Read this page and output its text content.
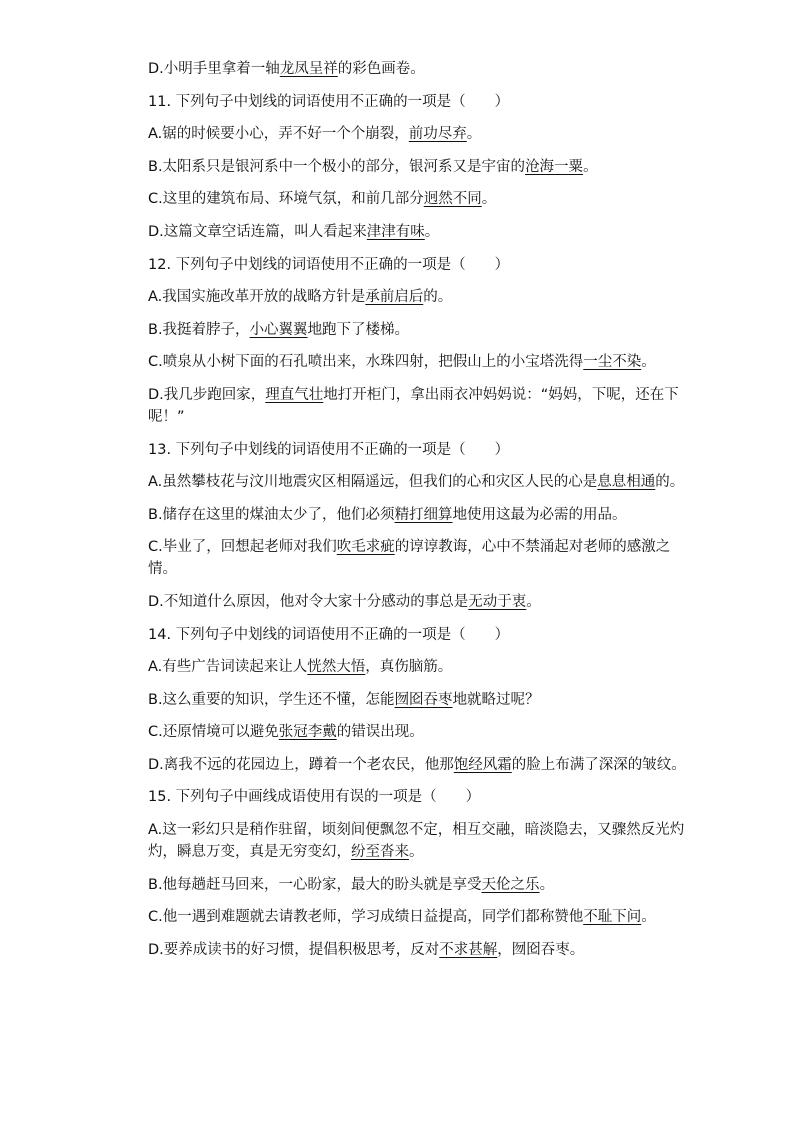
D.小明手里拿着一轴龙凤呈祥的彩色画卷。
11. 下列句子中划线的词语使用不正确的一项是（　　）
A.锯的时候要小心，弄不好一个个崩裂，前功尽弃。
B.太阳系只是银河系中一个极小的部分，银河系又是宇宙的沧海一粟。
C.这里的建筑布局、环境气氛，和前几部分迥然不同。
D.这篇文章空话连篇，叫人看起来津津有味。
12. 下列句子中划线的词语使用不正确的一项是（　　）
A.我国实施改革开放的战略方针是承前启后的。
B.我挺着脖子，小心翼翼地跑下了楼梯。
C.喷泉从小树下面的石孔喷出来，水珠四射，把假山上的小宝塔洗得一尘不染。
D.我几步跑回家，理直气壮地打开柜门，拿出雨衣冲妈妈说：“妈妈，下呢，还在下呢！”
13. 下列句子中划线的词语使用不正确的一项是（　　）
A.虽然攀枝花与汶川地震灾区相隔遥远，但我们的心和灾区人民的心是息息相通的。
B.储存在这里的煤油太少了，他们必须精打细算地使用这最为必需的用品。
C.毕业了，回想起老师对我们吹毛求疵的谆谆教诲，心中不禁涌起对老师的感激之情。
D.不知道什么原因，他对令大家十分感动的事总是无动于衷。
14. 下列句子中划线的词语使用不正确的一项是（　　）
A.有些广告词读起来让人恍然大悟，真伤脑筋。
B.这么重要的知识，学生还不懂，怎能囫囵吞枣地就略过呢？
C.还原情境可以避免张冠李戴的错误出现。
D.离我不远的花园边上，蹲着一个老农民，他那饱经风霜的脸上布满了深深的皱纹。
15. 下列句子中画线成语使用有误的一项是（　　）
A.这一彩幻只是稍作驻留，顷刻间便飘忽不定，相互交融，暗淡隐去，又骤然反光灼灼，瞬息万变，真是无穷变幻，纷至沓来。
B.他每趟赶马回来，一心盼家，最大的盼头就是享受天伦之乐。
C.他一遇到难题就去请教老师，学习成绩日益提高，同学们都称赞他不耻下问。
D.要养成读书的好习惯，提倡积极思考，反对不求甚解，囫囵吞枣。
